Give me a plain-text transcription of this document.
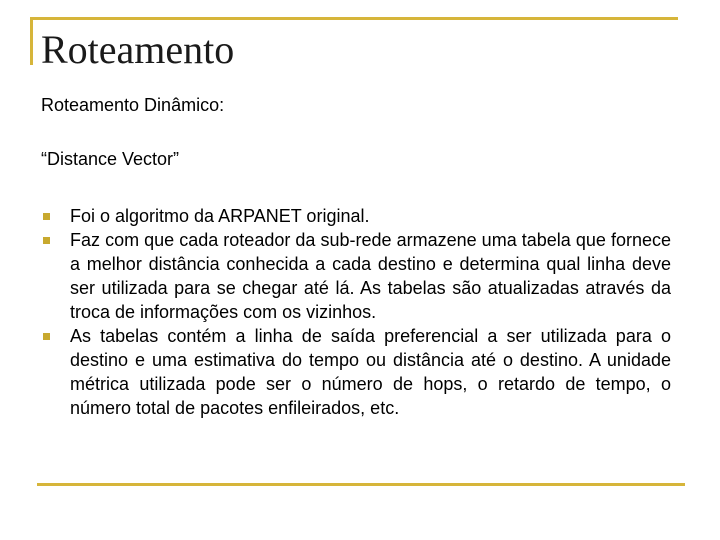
Roteamento

Roteamento Dinâmico:

“Distance Vector”

Foi o algoritmo da ARPANET original.
Faz com que cada roteador da sub-rede armazene uma tabela que fornece a melhor distância conhecida a cada destino e determina qual linha deve ser utilizada para se chegar até lá. As tabelas são atualizadas através da troca de informações com os vizinhos.
As tabelas contém a linha de saída preferencial a ser utilizada para o destino e uma estimativa do tempo ou distância até o destino. A unidade métrica utilizada pode ser o número de hops, o retardo de tempo, o número total de pacotes enfileirados, etc.
